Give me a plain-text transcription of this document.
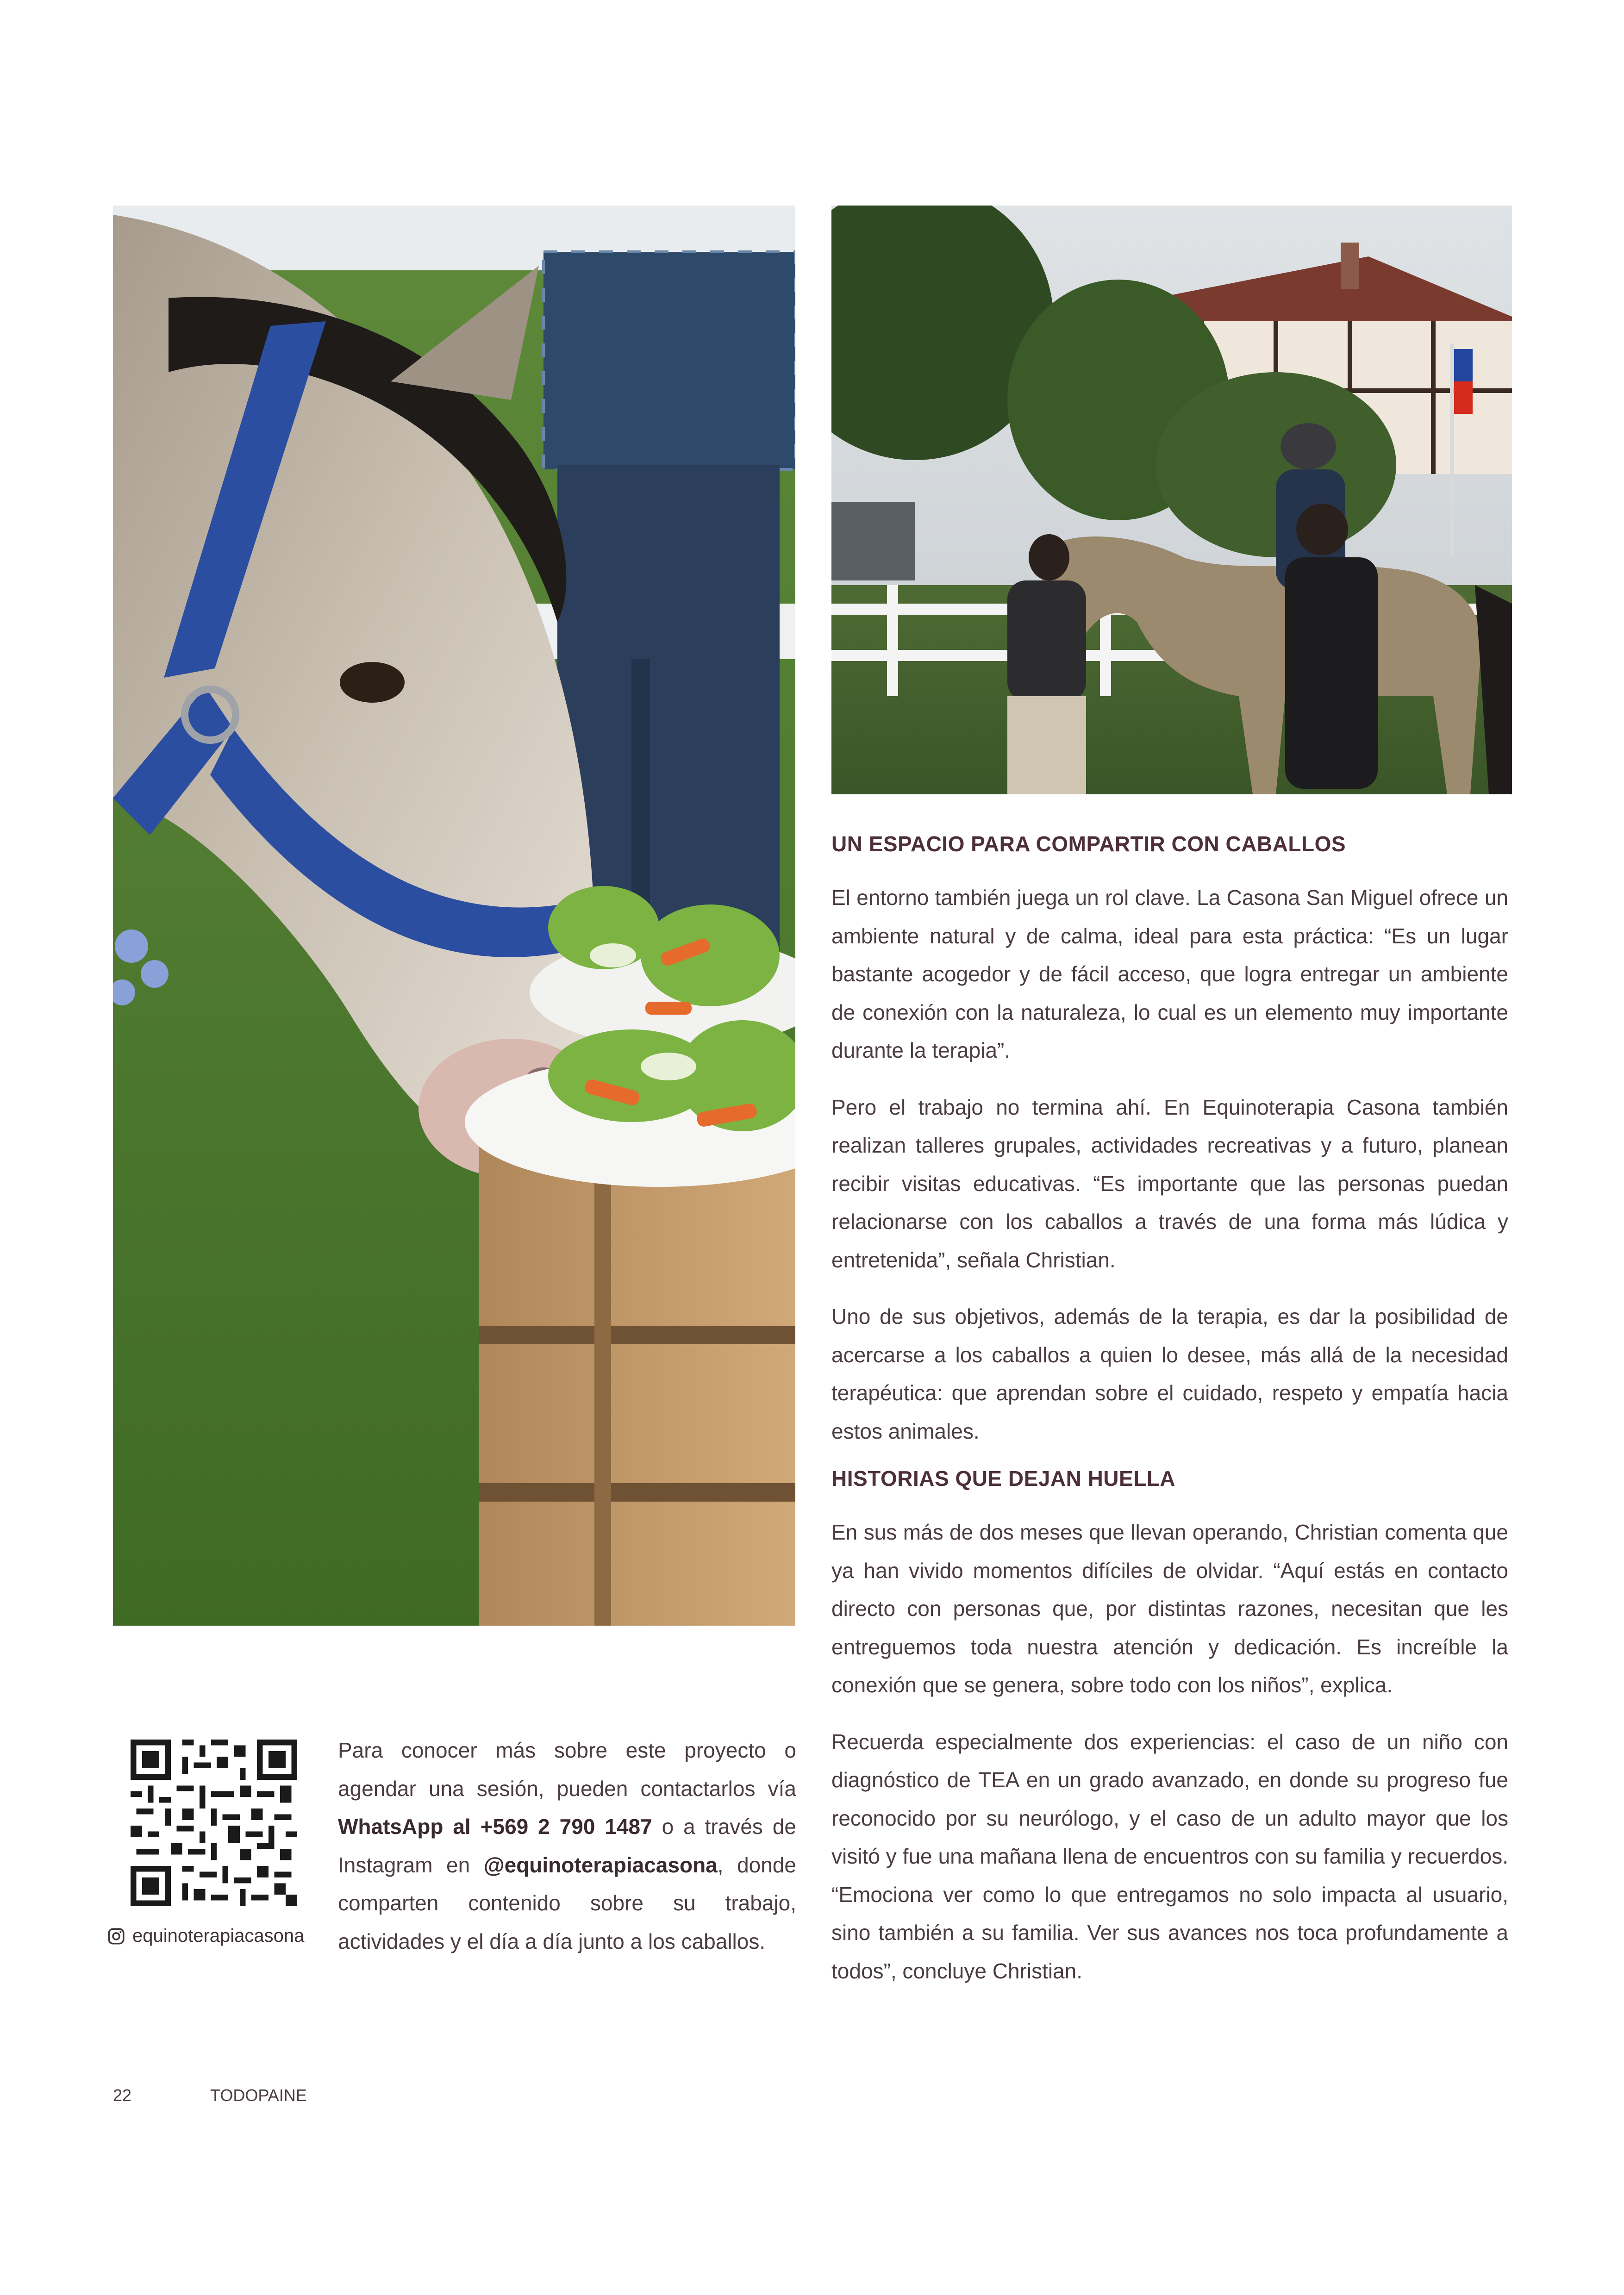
UN ESPACIO PARA COMPARTIR CON CABALLOS

El entorno también juega un rol clave. La Casona San Miguel ofrece un ambiente natural y de calma, ideal para esta práctica: “Es un lugar bastante acogedor y de fácil acceso, que logra entregar un ambiente de conexión con la naturaleza, lo cual es un elemento muy importante durante la terapia”.

Pero el trabajo no termina ahí. En Equinoterapia Casona también realizan talleres grupales, actividades recreativas y a futuro, planean recibir visitas educativas. “Es importante que las personas puedan relacionarse con los caballos a través de una forma más lúdica y entretenida”, señala Christian.

Uno de sus objetivos, además de la terapia, es dar la posibilidad de acercarse a los caballos a quien lo desee, más allá de la necesidad terapéutica: que aprendan sobre el cuidado, respeto y empatía hacia estos animales.

HISTORIAS QUE DEJAN HUELLA

En sus más de dos meses que llevan operando, Christian comenta que ya han vivido momentos difíciles de olvidar. “Aquí estás en contacto directo con personas que, por distintas razones, necesitan que les entreguemos toda nuestra atención y dedicación. Es increíble la conexión que se genera, sobre todo con los niños”, explica.

Recuerda especialmente dos experiencias: el caso de un niño con diagnóstico de TEA en un grado avanzado, en donde su progreso fue reconocido por su neurólogo, y el caso de un adulto mayor que los visitó y fue una mañana llena de encuentros con su familia y recuerdos. “Emociona ver como lo que entregamos no solo impacta al usuario, sino también a su familia. Ver sus avances nos toca profundamente a todos”, concluye Christian.

equinoterapiacasona

Para conocer más sobre este proyecto o agendar una sesión, pueden contactarlos vía WhatsApp al +569 2 790 1487 o a través de Instagram en @equinoterapiacasona, donde comparten contenido sobre su trabajo, actividades y el día a día junto a los caballos.

22	TODOPAINE
